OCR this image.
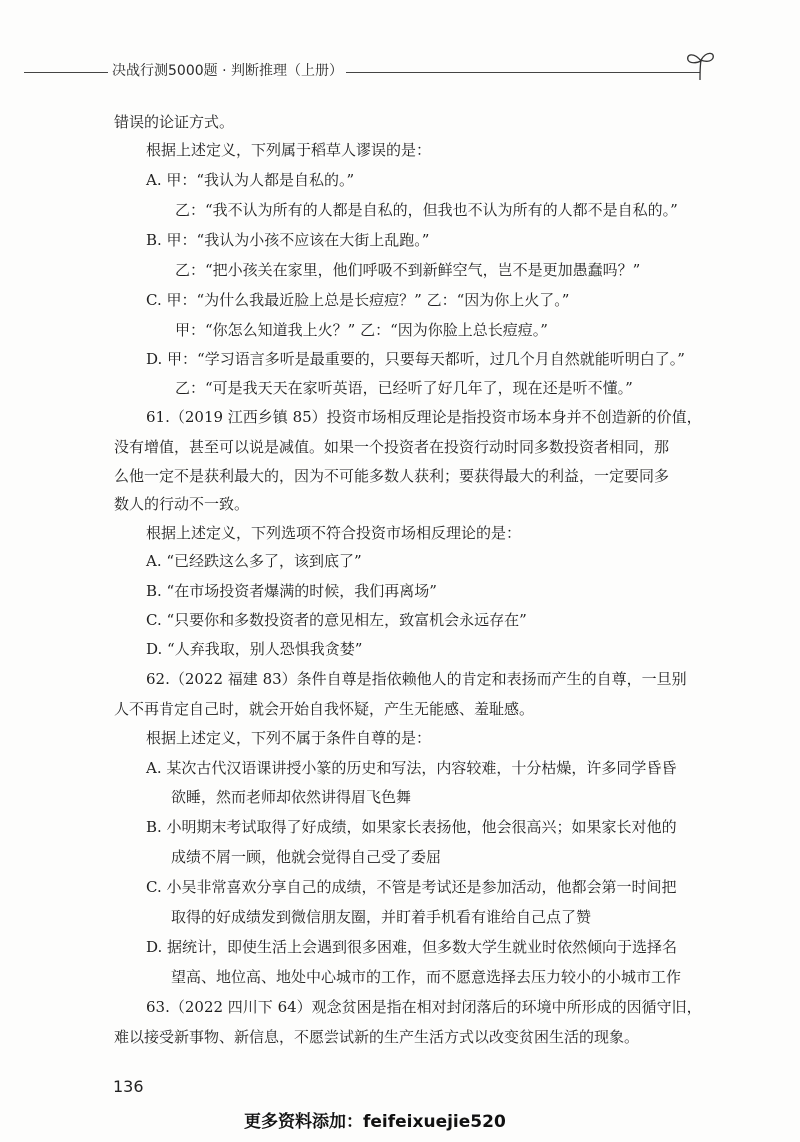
决战行测5000题 · 判断推理（上册）
错误的论证方式。
根据上述定义，下列属于稻草人谬误的是：
A. 甲：“我认为人都是自私的。”
乙：“我不认为所有的人都是自私的，但我也不认为所有的人都不是自私的。”
B. 甲：“我认为小孩不应该在大街上乱跑。”
乙：“把小孩关在家里，他们呼吸不到新鲜空气，岂不是更加愚蠢吗？”
C. 甲：“为什么我最近脸上总是长痘痘？” 乙：“因为你上火了。”
甲：“你怎么知道我上火？” 乙：“因为你脸上总长痘痘。”
D. 甲：“学习语言多听是最重要的，只要每天都听，过几个月自然就能听明白了。”
乙：“可是我天天在家听英语，已经听了好几年了，现在还是听不懂。”
61.（2019 江西乡镇 85）投资市场相反理论是指投资市场本身并不创造新的价值，
没有增值，甚至可以说是减值。如果一个投资者在投资行动时同多数投资者相同，那
么他一定不是获利最大的，因为不可能多数人获利；要获得最大的利益，一定要同多
数人的行动不一致。
根据上述定义，下列选项不符合投资市场相反理论的是：
A. “已经跌这么多了，该到底了”
B. “在市场投资者爆满的时候，我们再离场”
C. “只要你和多数投资者的意见相左，致富机会永远存在”
D. “人弃我取，别人恐惧我贪婪”
62.（2022 福建 83）条件自尊是指依赖他人的肯定和表扬而产生的自尊，一旦别
人不再肯定自己时，就会开始自我怀疑，产生无能感、羞耻感。
根据上述定义，下列不属于条件自尊的是：
A. 某次古代汉语课讲授小篆的历史和写法，内容较难，十分枯燥，许多同学昏昏
欲睡，然而老师却依然讲得眉飞色舞
B. 小明期末考试取得了好成绩，如果家长表扬他，他会很高兴；如果家长对他的
成绩不屑一顾，他就会觉得自己受了委屈
C. 小吴非常喜欢分享自己的成绩，不管是考试还是参加活动，他都会第一时间把
取得的好成绩发到微信朋友圈，并盯着手机看有谁给自己点了赞
D. 据统计，即使生活上会遇到很多困难，但多数大学生就业时依然倾向于选择名
望高、地位高、地处中心城市的工作，而不愿意选择去压力较小的小城市工作
63.（2022 四川下 64）观念贫困是指在相对封闭落后的环境中所形成的因循守旧，
难以接受新事物、新信息，不愿尝试新的生产生活方式以改变贫困生活的现象。
136
更多资料添加：feifeixuejie520
